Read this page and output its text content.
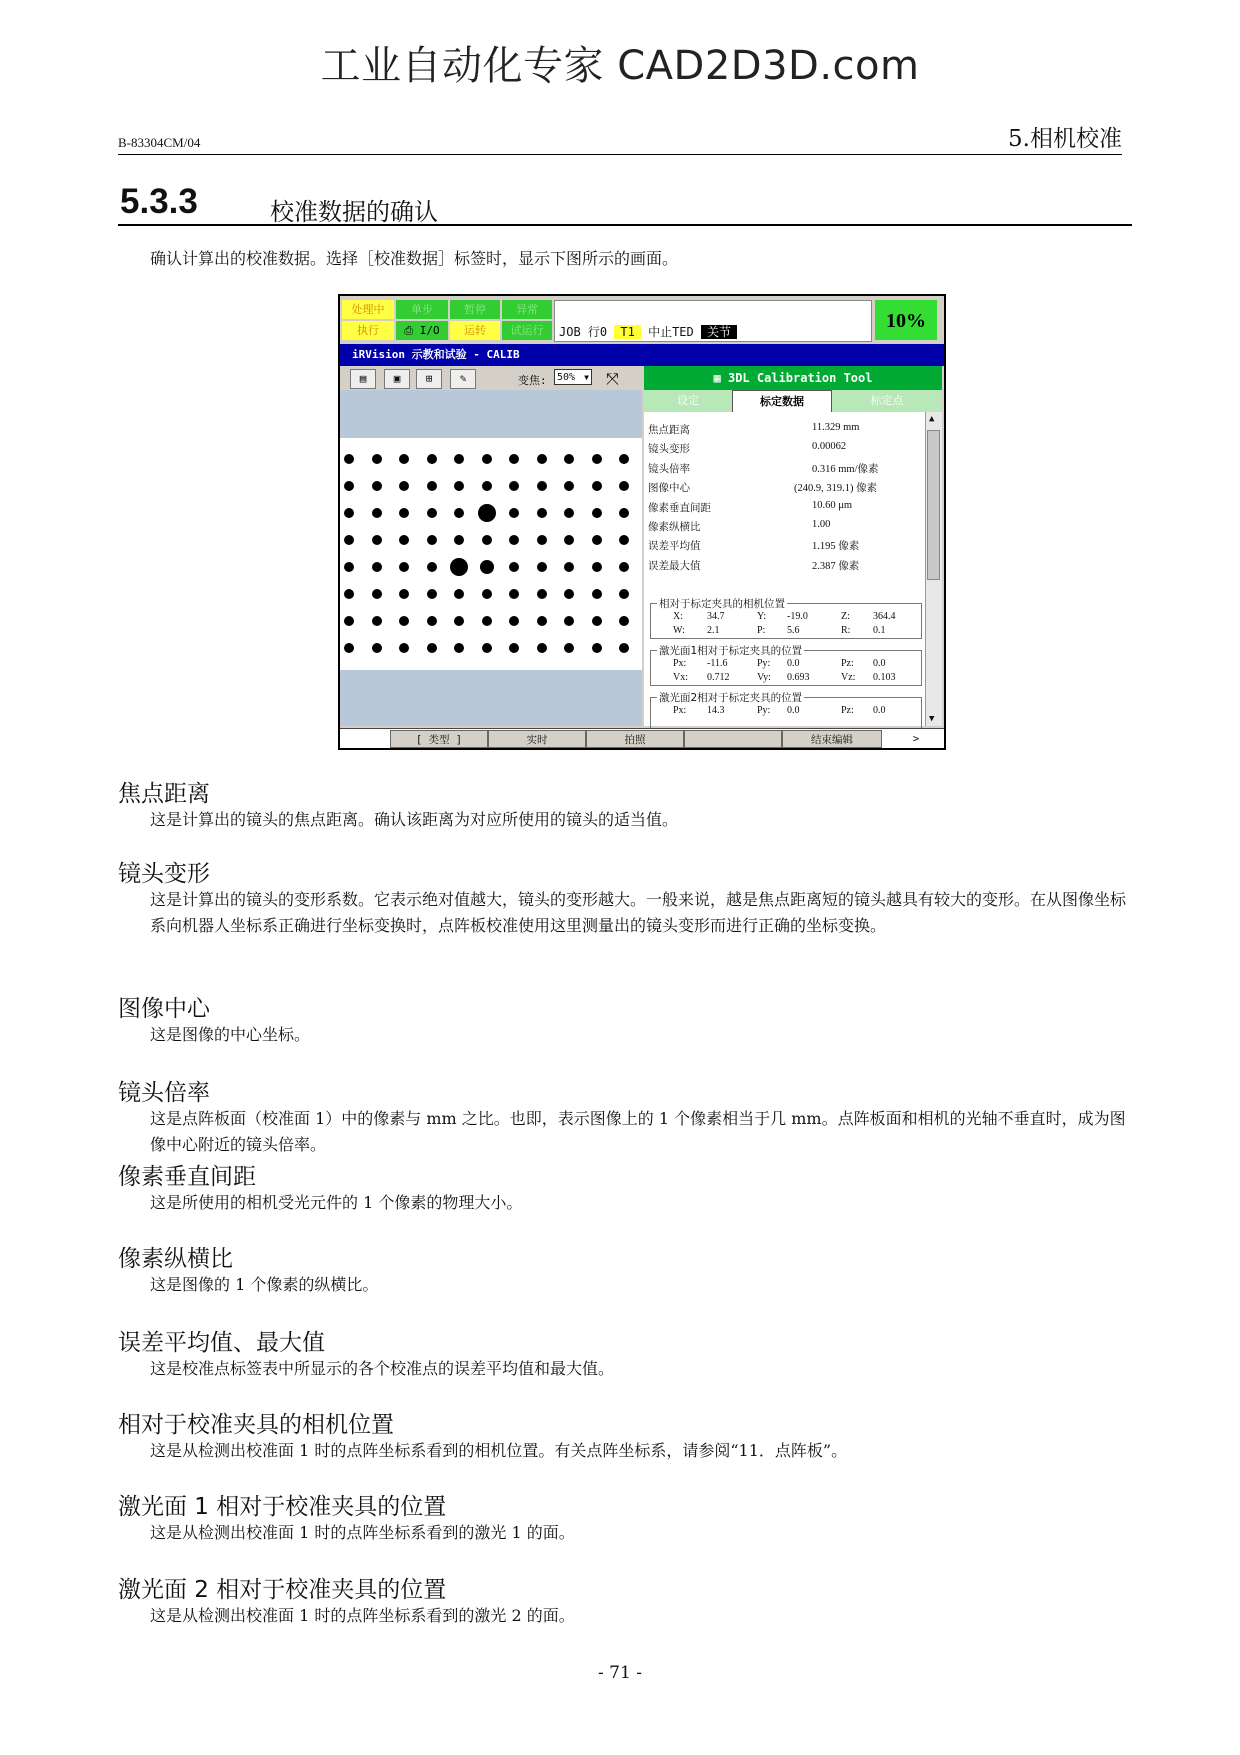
工业自动化专家 CAD2D3D.com
B-83304CM/04	5.相机校准
5.3.3	校准数据的确认
确认计算出的校准数据。选择［校准数据］标签时，显示下图所示的画面。
处理中	单步	暂停	异常
执行	⎙ I/O	运转	试运行	JOB 行0 T1 中止TED 关节	10%
iRVision 示教和试验 - CALIB
▤	▣	⊞	✎	变焦:	50% ▼ ⤧	▦ 3DL Calibration Tool
设定	标定数据	标定点
焦点距离	11.329 mm
镜头变形	0.00062
镜头倍率	0.316 mm/像素
图像中心	(240.9, 319.1) 像素
像素垂直间距	10.60 μm
像素纵横比	1.00
误差平均值	1.195 像素
误差最大值	2.387 像素
相对于标定夹具的相机位置
X: 34.7	Y: -19.0	Z: 364.4
W: 2.1	P: 5.6	R: 0.1
激光面1相对于标定夹具的位置
Px: -11.6	Py: 0.0	Pz: 0.0
Vx: 0.712	Vy: 0.693	Vz: 0.103
激光面2相对于标定夹具的位置
Px: 14.3	Py: 0.0	Pz: 0.0
▲
▼
[ 类型 ]	实时	拍照	结束编辑	>
焦点距离
这是计算出的镜头的焦点距离。确认该距离为对应所使用的镜头的适当值。
镜头变形
这是计算出的镜头的变形系数。它表示绝对值越大，镜头的变形越大。一般来说，越是焦点距离短的镜头越具有较大的变形。在从图像坐标系向机器人坐标系正确进行坐标变换时，点阵板校准使用这里测量出的镜头变形而进行正确的坐标变换。
图像中心
这是图像的中心坐标。
镜头倍率
这是点阵板面（校准面 1）中的像素与 mm 之比。也即，表示图像上的 1 个像素相当于几 mm。点阵板面和相机的光轴不垂直时，成为图像中心附近的镜头倍率。
像素垂直间距
这是所使用的相机受光元件的 1 个像素的物理大小。
像素纵横比
这是图像的 1 个像素的纵横比。
误差平均值、最大值
这是校准点标签表中所显示的各个校准点的误差平均值和最大值。
相对于校准夹具的相机位置
这是从检测出校准面 1 时的点阵坐标系看到的相机位置。有关点阵坐标系，请参阅“11．点阵板”。
激光面 1 相对于校准夹具的位置
这是从检测出校准面 1 时的点阵坐标系看到的激光 1 的面。
激光面 2 相对于校准夹具的位置
这是从检测出校准面 1 时的点阵坐标系看到的激光 2 的面。
- 71 -
